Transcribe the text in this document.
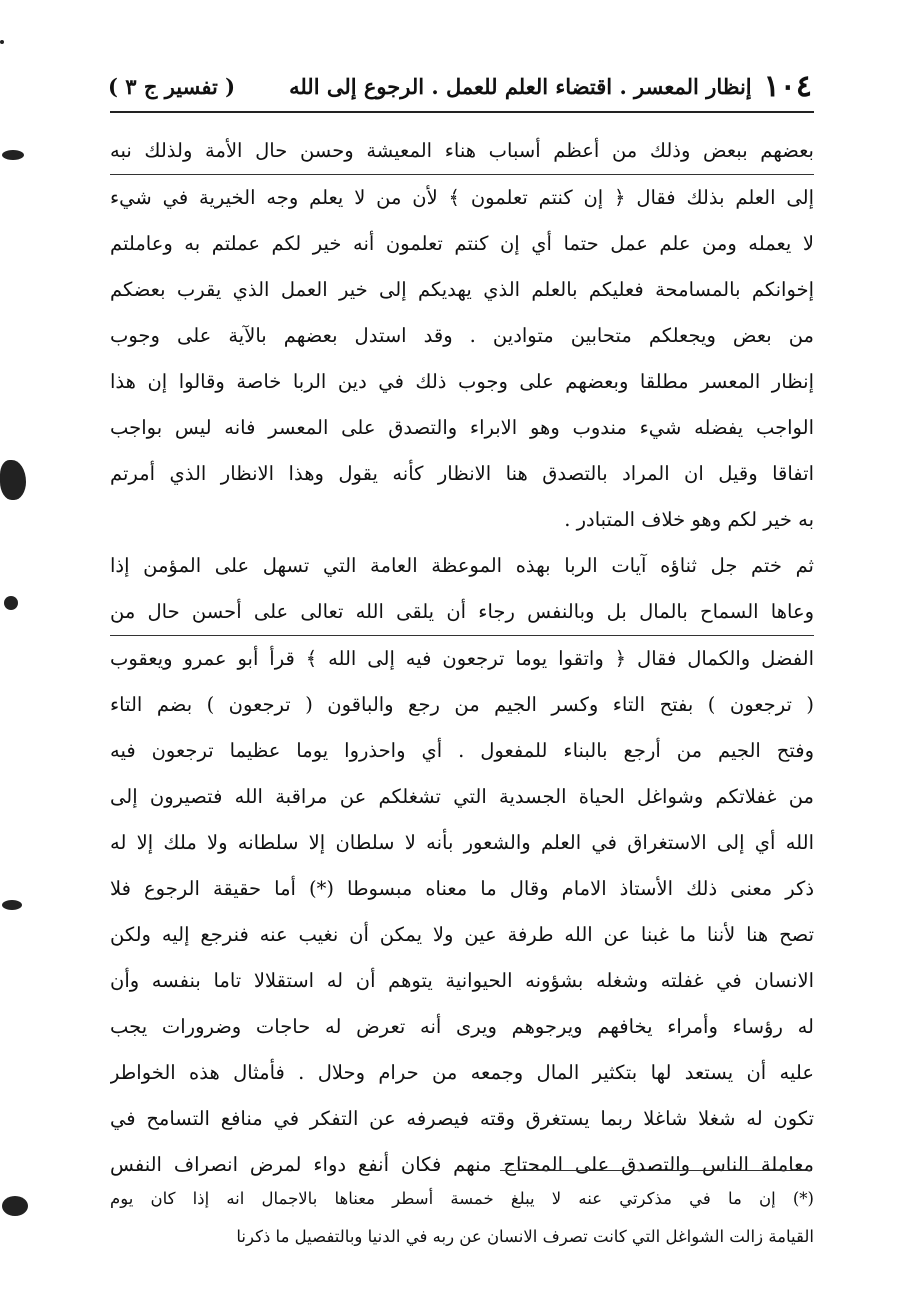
١٠٤
إنظار المعسر . اقتضاء العلم للعمل . الرجوع إلى الله
( تفسير ج ٣ )
بعضهم ببعض وذلك من أعظم أسباب هناء المعيشة وحسن حال الأمة ولذلك نبه
إلى العلم بذلك فقال ﴿ إن كنتم تعلمون ﴾ لأن من لا يعلم وجه الخيرية في شيء
لا يعمله ومن علم عمل حتما أي إن كنتم تعلمون أنه خير لكم عملتم به وعاملتم
إخوانكم بالمسامحة فعليكم بالعلم الذي يهديكم إلى خير العمل الذي يقرب بعضكم
من بعض ويجعلكم متحابين متوادين . وقد استدل بعضهم بالآية على وجوب
إنظار المعسر مطلقا وبعضهم على وجوب ذلك في دين الربا خاصة وقالوا إن هذا
الواجب يفضله شيء مندوب وهو الابراء والتصدق على المعسر فانه ليس بواجب
اتفاقا وقيل ان المراد بالتصدق هنا الانظار كأنه يقول وهذا الانظار الذي أمرتم
به خير لكم وهو خلاف المتبادر .
ثم ختم جل ثناؤه آيات الربا بهذه الموعظة العامة التي تسهل على المؤمن إذا
وعاها السماح بالمال بل وبالنفس رجاء أن يلقى الله تعالى على أحسن حال من
الفضل والكمال فقال ﴿ واتقوا يوما ترجعون فيه إلى الله ﴾ قرأ أبو عمرو ويعقوب
( ترجعون ) بفتح التاء وكسر الجيم من رجع والباقون ( ترجعون ) بضم التاء
وفتح الجيم من أرجع بالبناء للمفعول . أي واحذروا يوما عظيما ترجعون فيه
من غفلاتكم وشواغل الحياة الجسدية التي تشغلكم عن مراقبة الله فتصيرون إلى
الله أي إلى الاستغراق في العلم والشعور بأنه لا سلطان إلا سلطانه ولا ملك إلا له
ذكر معنى ذلك الأستاذ الامام وقال ما معناه مبسوطا (*) أما حقيقة الرجوع فلا
تصح هنا لأننا ما غبنا عن الله طرفة عين ولا يمكن أن نغيب عنه فنرجع إليه ولكن
الانسان في غفلته وشغله بشؤونه الحيوانية يتوهم أن له استقلالا تاما بنفسه وأن
له رؤساء وأمراء يخافهم ويرجوهم ويرى أنه تعرض له حاجات وضرورات يجب
عليه أن يستعد لها بتكثير المال وجمعه من حرام وحلال . فأمثال هذه الخواطر
تكون له شغلا شاغلا ربما يستغرق وقته فيصرفه عن التفكر في منافع التسامح في
معاملة الناس والتصدق على المحتاج منهم فكان أنفع دواء لمرض انصراف النفس
(*) إن ما في مذكرتي عنه لا يبلغ خمسة أسطر معناها بالاجمال انه إذا كان يوم
القيامة زالت الشواغل التي كانت تصرف الانسان عن ربه في الدنيا وبالتفصيل ما ذكرنا
